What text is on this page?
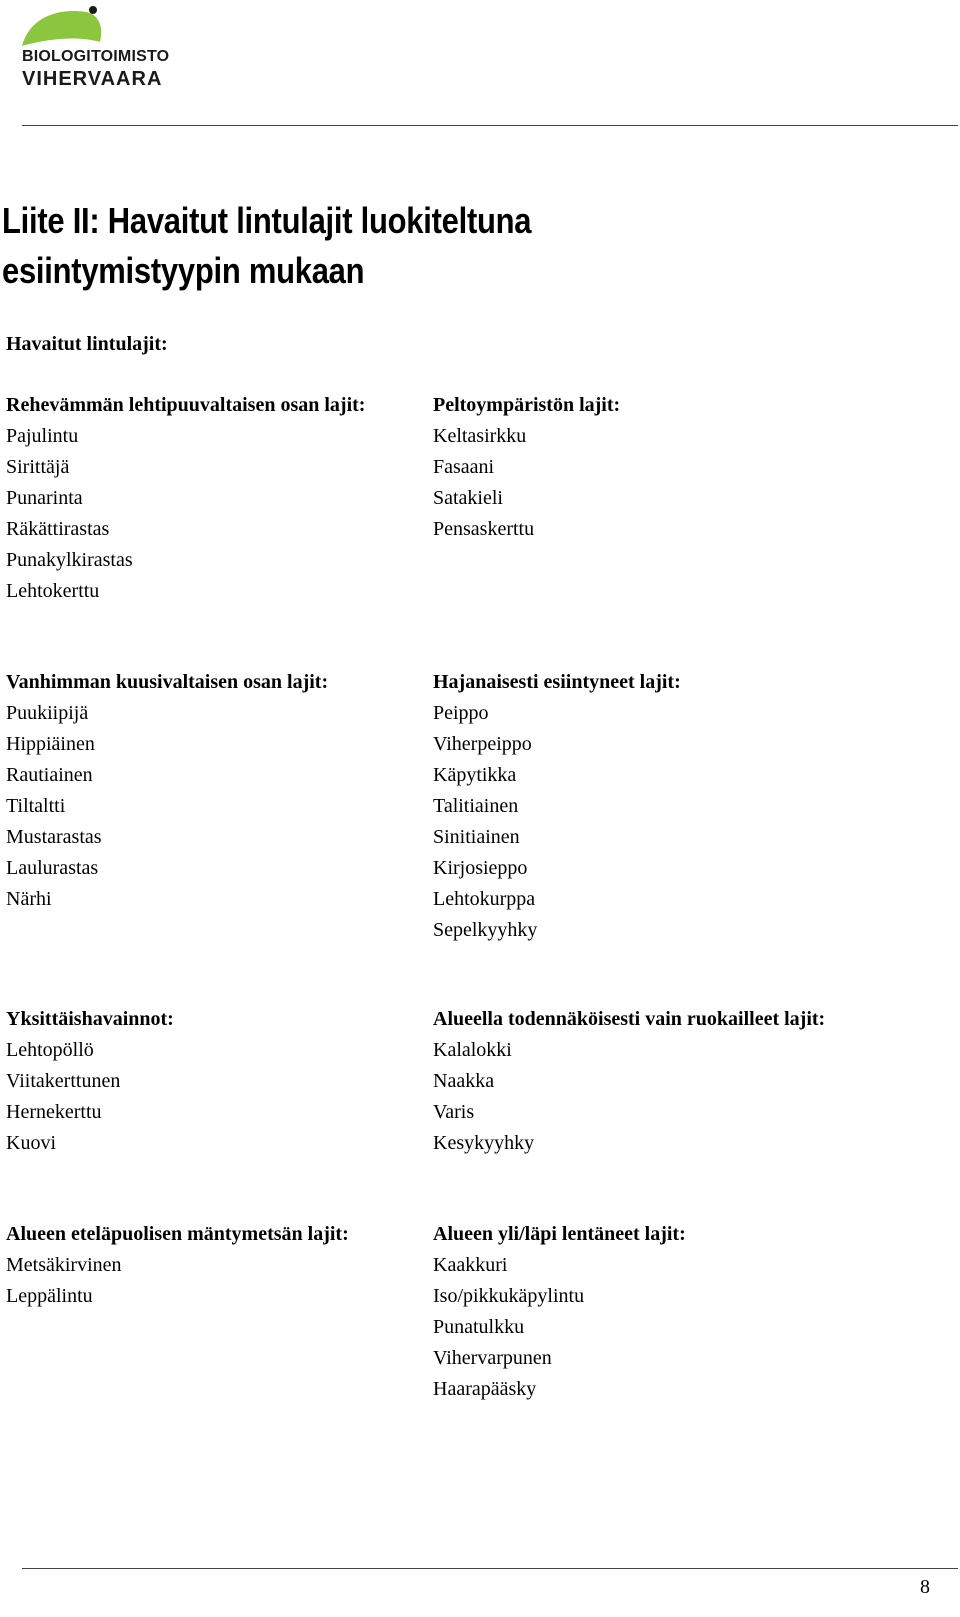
BIOLOGITOIMISTO
VIHERVAARA
Liite II: Havaitut lintulajit luokiteltuna esiintymistyypin mukaan
Havaitut lintulajit:
Rehevämmän lehtipuuvaltaisen osan lajit:
Pajulintu
Sirittäjä
Punarinta
Räkättirastas
Punakylkirastas
Lehtokerttu
Peltoympäristön lajit:
Keltasirkku
Fasaani
Satakieli
Pensaskerttu
Vanhimman kuusivaltaisen osan lajit:
Puukiipijä
Hippiäinen
Rautiainen
Tiltaltti
Mustarastas
Laulurastas
Närhi
Hajanaisesti esiintyneet lajit:
Peippo
Viherpeippo
Käpytikka
Talitiainen
Sinitiainen
Kirjosieppo
Lehtokurppa
Sepelkyyhky
Yksittäishavainnot:
Lehtopöllö
Viitakerttunen
Hernekerttu
Kuovi
Alueella todennäköisesti vain ruokailleet lajit:
Kalalokki
Naakka
Varis
Kesykyyhky
Alueen eteläpuolisen mäntymetsän lajit:
Metsäkirvinen
Leppälintu
Alueen yli/läpi lentäneet lajit:
Kaakkuri
Iso/pikkukäpylintu
Punatulkku
Vihervarpunen
Haarapääsky
8
